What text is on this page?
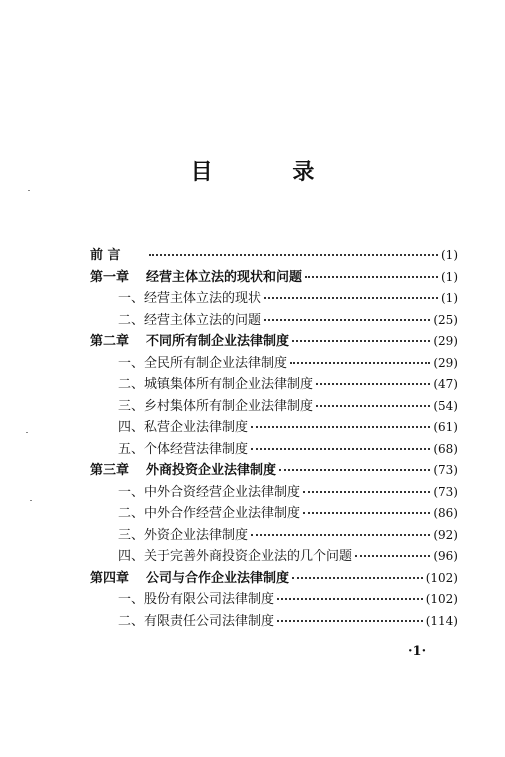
目 录
前 言	(1)
第一章 经营主体立法的现状和问题	(1)
一、经营主体立法的现状	(1)
二、经营主体立法的问题	(25)
第二章 不同所有制企业法律制度	(29)
一、全民所有制企业法律制度	(29)
二、城镇集体所有制企业法律制度	(47)
三、乡村集体所有制企业法律制度	(54)
四、私营企业法律制度	(61)
五、个体经营法律制度	(68)
第三章 外商投资企业法律制度	(73)
一、中外合资经营企业法律制度	(73)
二、中外合作经营企业法律制度	(86)
三、外资企业法律制度	(92)
四、关于完善外商投资企业法的几个问题	(96)
第四章 公司与合作企业法律制度	(102)
一、股份有限公司法律制度	(102)
二、有限责任公司法律制度	(114)
·1·
